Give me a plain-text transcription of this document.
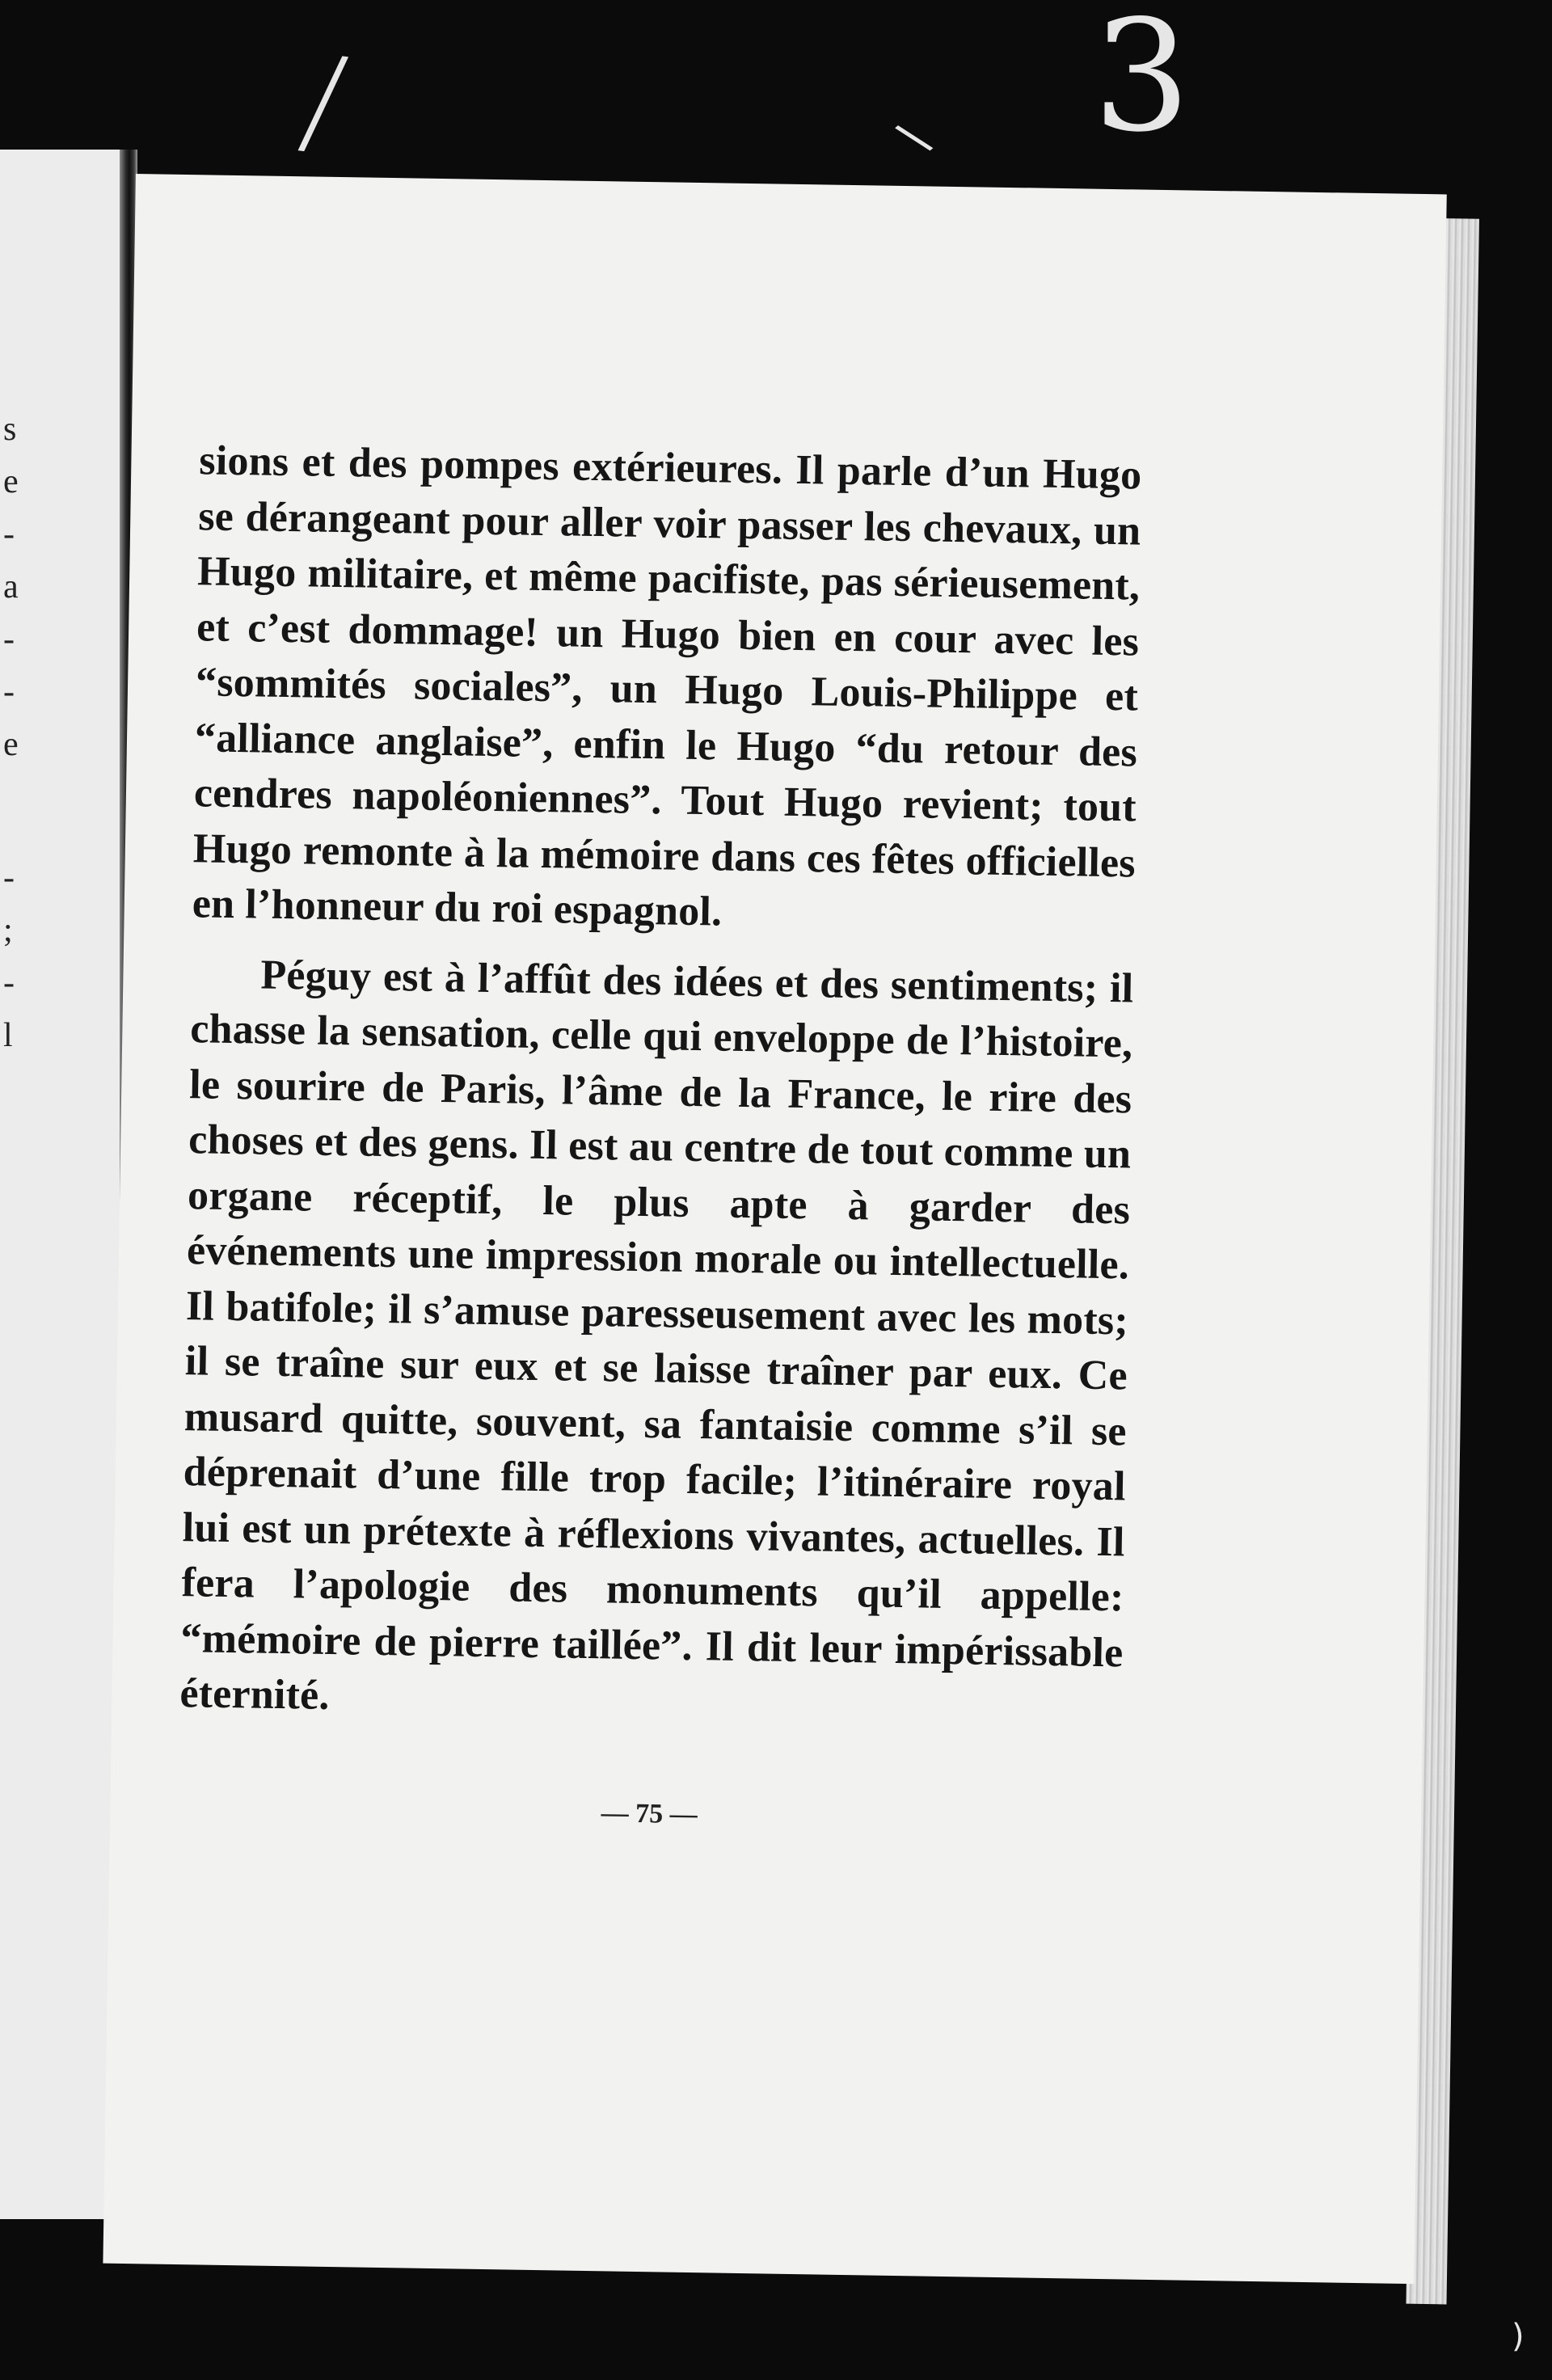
/	3
\
)
s
e
-
a
-
-
e
-
;
-
l

sions et des pompes extérieures. Il parle d’un Hugo se dérangeant pour aller voir passer les chevaux, un Hugo militaire, et même pacifiste, pas sérieusement, et c’est dommage! un Hugo bien en cour avec les “sommités sociales”, un Hugo Louis-Philippe et “alliance anglaise”, enfin le Hugo “du retour des cendres napoléoniennes”. Tout Hugo revient; tout Hugo remonte à la mémoire dans ces fêtes officielles en l’honneur du roi espagnol.

Péguy est à l’affût des idées et des sentiments; il chasse la sensation, celle qui enveloppe de l’histoire, le sourire de Paris, l’âme de la France, le rire des choses et des gens. Il est au centre de tout comme un organe réceptif, le plus apte à garder des événements une impression morale ou intellectuelle. Il batifole; il s’amuse paresseusement avec les mots; il se traîne sur eux et se laisse traîner par eux. Ce musard quitte, souvent, sa fantaisie comme s’il se déprenait d’une fille trop facile; l’itinéraire royal lui est un prétexte à réflexions vivantes, actuelles. Il fera l’apologie des monuments qu’il appelle: “mémoire de pierre taillée”. Il dit leur impérissable éternité.

— 75 —
